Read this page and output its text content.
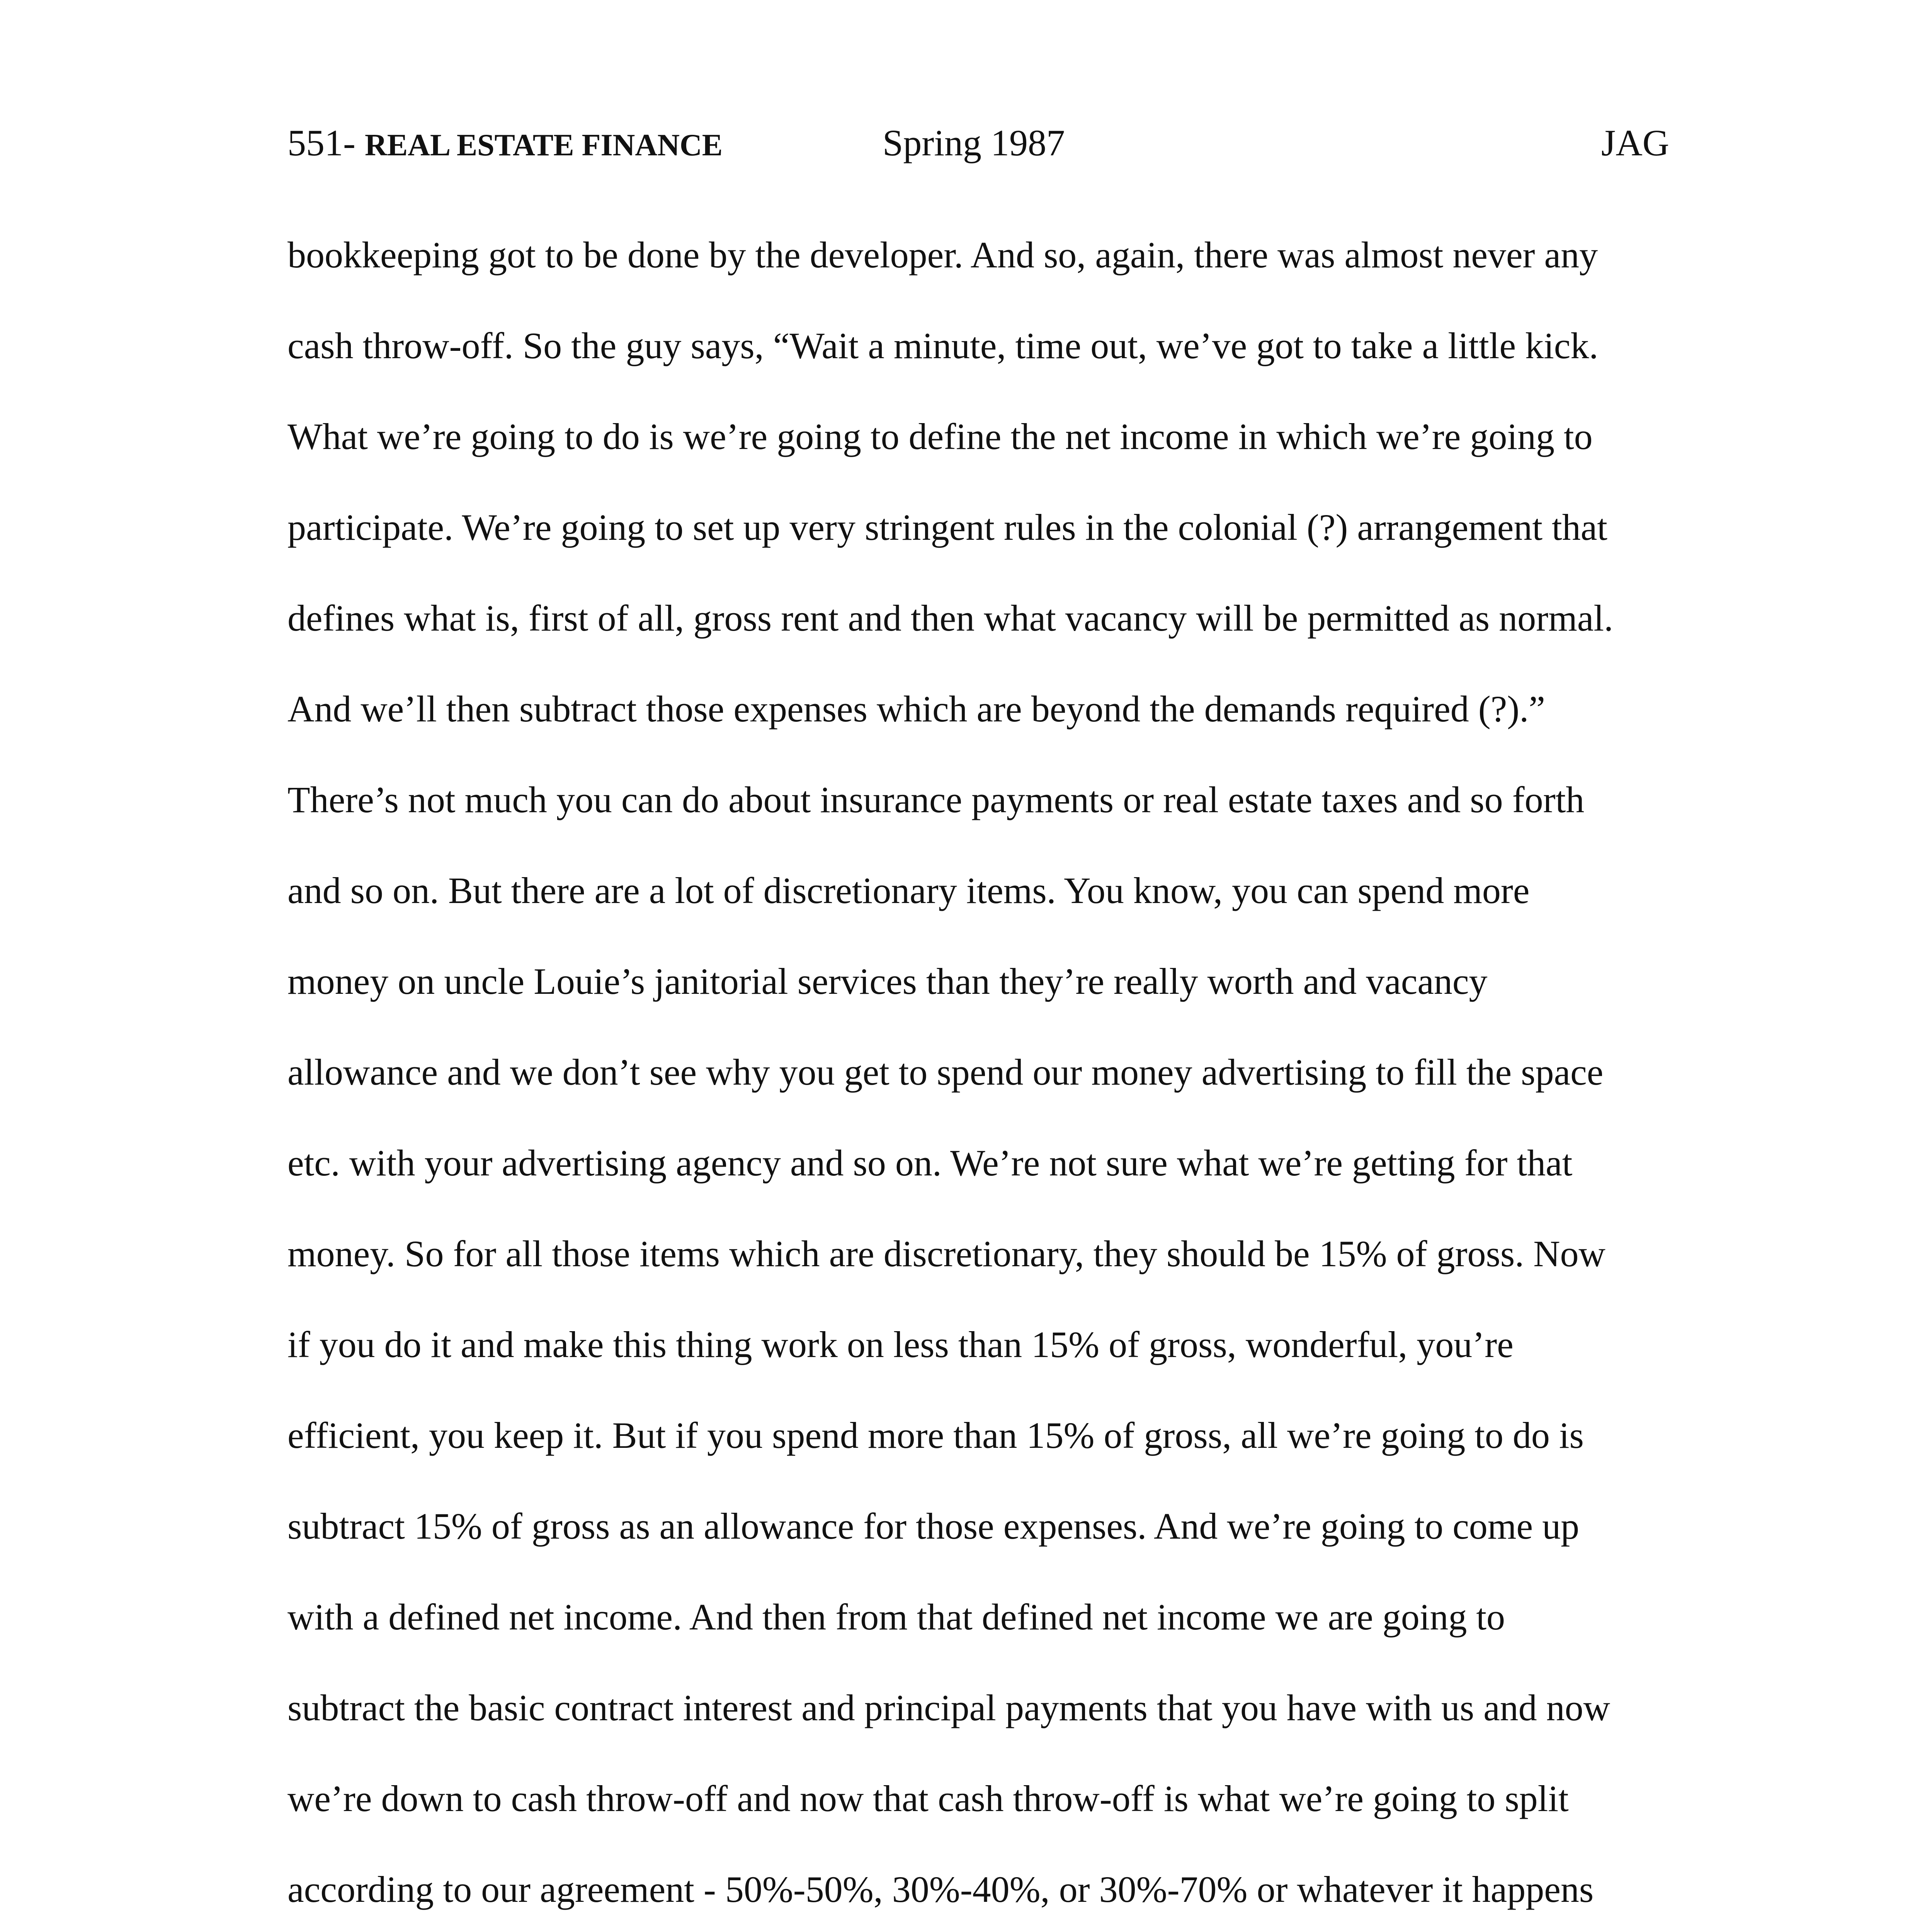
551- REAL ESTATE FINANCE	Spring 1987	JAG
bookkeeping got to be done by the developer. And so, again, there was almost never any
cash throw-off. So the guy says, “Wait a minute, time out, we’ve got to take a little kick.
What we’re going to do is we’re going to define the net income in which we’re going to
participate. We’re going to set up very stringent rules in the colonial (?) arrangement that
defines what is, first of all, gross rent and then what vacancy will be permitted as normal.
And we’ll then subtract those expenses which are beyond the demands required (?).”
There’s not much you can do about insurance payments or real estate taxes and so forth
and so on. But there are a lot of discretionary items. You know, you can spend more
money on uncle Louie’s janitorial services than they’re really worth and vacancy
allowance and we don’t see why you get to spend our money advertising to fill the space
etc. with your advertising agency and so on. We’re not sure what we’re getting for that
money. So for all those items which are discretionary, they should be 15% of gross. Now
if you do it and make this thing work on less than 15% of gross, wonderful, you’re
efficient, you keep it. But if you spend more than 15% of gross, all we’re going to do is
subtract 15% of gross as an allowance for those expenses. And we’re going to come up
with a defined net income. And then from that defined net income we are going to
subtract the basic contract interest and principal payments that you have with us and now
we’re down to cash throw-off and now that cash throw-off is what we’re going to split
according to our agreement - 50%-50%, 30%-40%, or 30%-70% or whatever it happens
